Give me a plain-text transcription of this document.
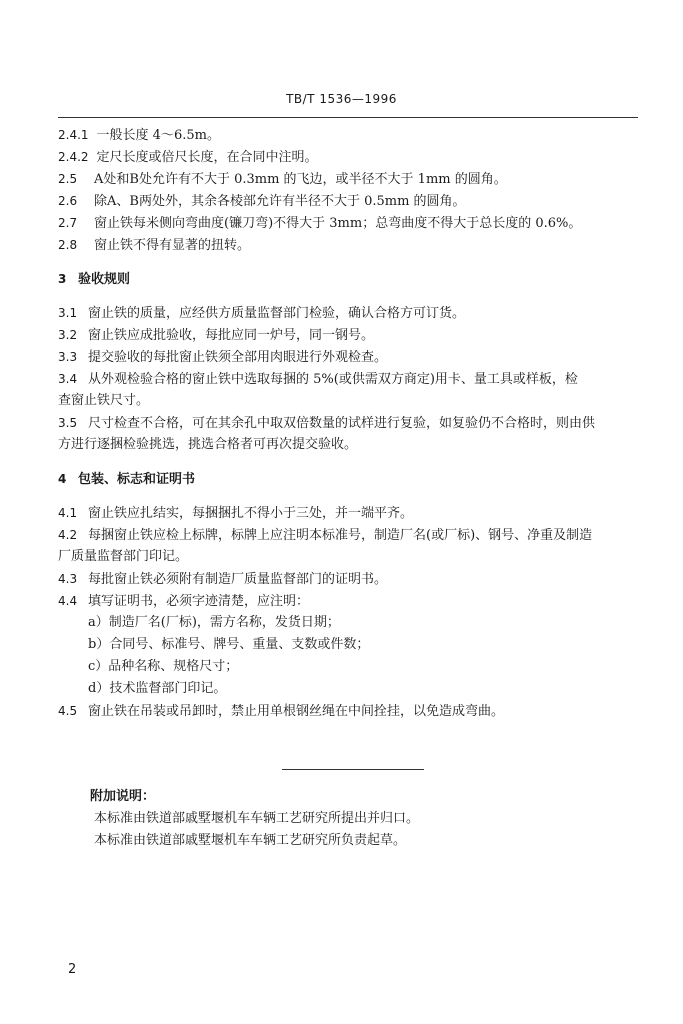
TB/T 1536—1996
2.4.1 一般长度 4～6.5m。
2.4.2 定尺长度或倍尺长度，在合同中注明。
2.5 A处和B处允许有不大于 0.3mm 的飞边，或半径不大于 1mm 的圆角。
2.6 除A、B两处外，其余各棱部允许有半径不大于 0.5mm 的圆角。
2.7 窗止铁每米侧向弯曲度(镰刀弯)不得大于 3mm；总弯曲度不得大于总长度的 0.6%。
2.8 窗止铁不得有显著的扭转。
3 验收规则
3.1 窗止铁的质量，应经供方质量监督部门检验，确认合格方可订货。
3.2 窗止铁应成批验收，每批应同一炉号，同一钢号。
3.3 提交验收的每批窗止铁须全部用肉眼进行外观检查。
3.4 从外观检验合格的窗止铁中选取每捆的 5%(或供需双方商定)用卡、量工具或样板，检
查窗止铁尺寸。
3.5 尺寸检查不合格，可在其余孔中取双倍数量的试样进行复验，如复验仍不合格时，则由供
方进行逐捆检验挑选，挑选合格者可再次提交验收。
4 包装、标志和证明书
4.1 窗止铁应扎结实，每捆捆扎不得小于三处，并一端平齐。
4.2 每捆窗止铁应检上标牌，标牌上应注明本标准号，制造厂名(或厂标)、钢号、净重及制造
厂质量监督部门印记。
4.3 每批窗止铁必须附有制造厂质量监督部门的证明书。
4.4 填写证明书，必须字迹清楚，应注明：
a）制造厂名(厂标)，需方名称，发货日期；
b）合同号、标准号、牌号、重量、支数或件数；
c）品种名称、规格尺寸；
d）技术监督部门印记。
4.5 窗止铁在吊装或吊卸时，禁止用单根钢丝绳在中间拴挂，以免造成弯曲。
附加说明：
本标准由铁道部戚墅堰机车车辆工艺研究所提出并归口。
本标准由铁道部戚墅堰机车车辆工艺研究所负责起草。
2
